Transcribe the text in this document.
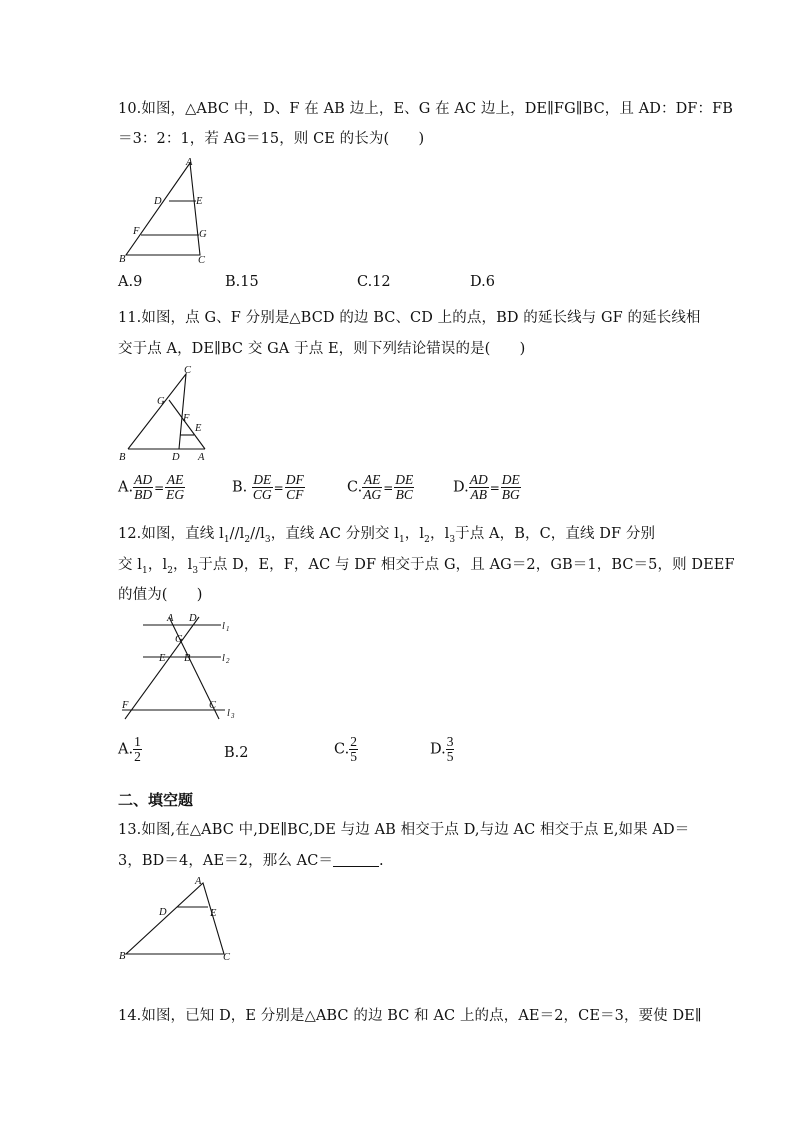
10.如图，△ABC 中，D、F 在 AB 边上，E、G 在 AC 边上，DE∥FG∥BC，且 AD：DF：FB
＝3：2：1，若 AG＝15，则 CE 的长为(　　)
A
D	E
F	G
B	C
A.9	B.15	C.12	D.6
11.如图，点 G、F 分别是△BCD 的边 BC、CD 上的点，BD 的延长线与 GF 的延长线相
交于点 A，DE∥BC 交 GA 于点 E，则下列结论错误的是(　　)
C
G
F
E
B	D A
A. $\frac{AD}{BD} = \frac{AE}{EG}$	B. $\frac{DE}{CG} = \frac{DF}{CF}$	C. $\frac{AE}{AG} = \frac{DE}{BC}$	D. $\frac{AD}{AB} = \frac{DE}{BG}$
12.如图，直线 $l_1//l_2//l_3$，直线 AC 分别交 $l_1$，$l_2$，$l_3$于点 A，B，C，直线 DF 分别
交 $l_1$，$l_2$，$l_3$于点 D，E，F，AC 与 DF 相交于点 G，且 AG＝2，GB＝1，BC＝5，则 DEEF
的值为(　　)
A D
G
E B
F	C
l 1
l 2
l 3
A. $\frac{1}{2}$	B.2	C. $\frac{2}{5}$	D. $\frac{3}{5}$
二、填空题
13.如图,在△ABC 中,DE∥BC,DE 与边 AB 相交于点 D,与边 AC 相交于点 E,如果 AD＝
3，BD＝4，AE＝2，那么 AC＝	.
A
D	E
B	C
14.如图，已知 D，E 分别是△ABC 的边 BC 和 AC 上的点，AE＝2，CE＝3，要使 DE∥
